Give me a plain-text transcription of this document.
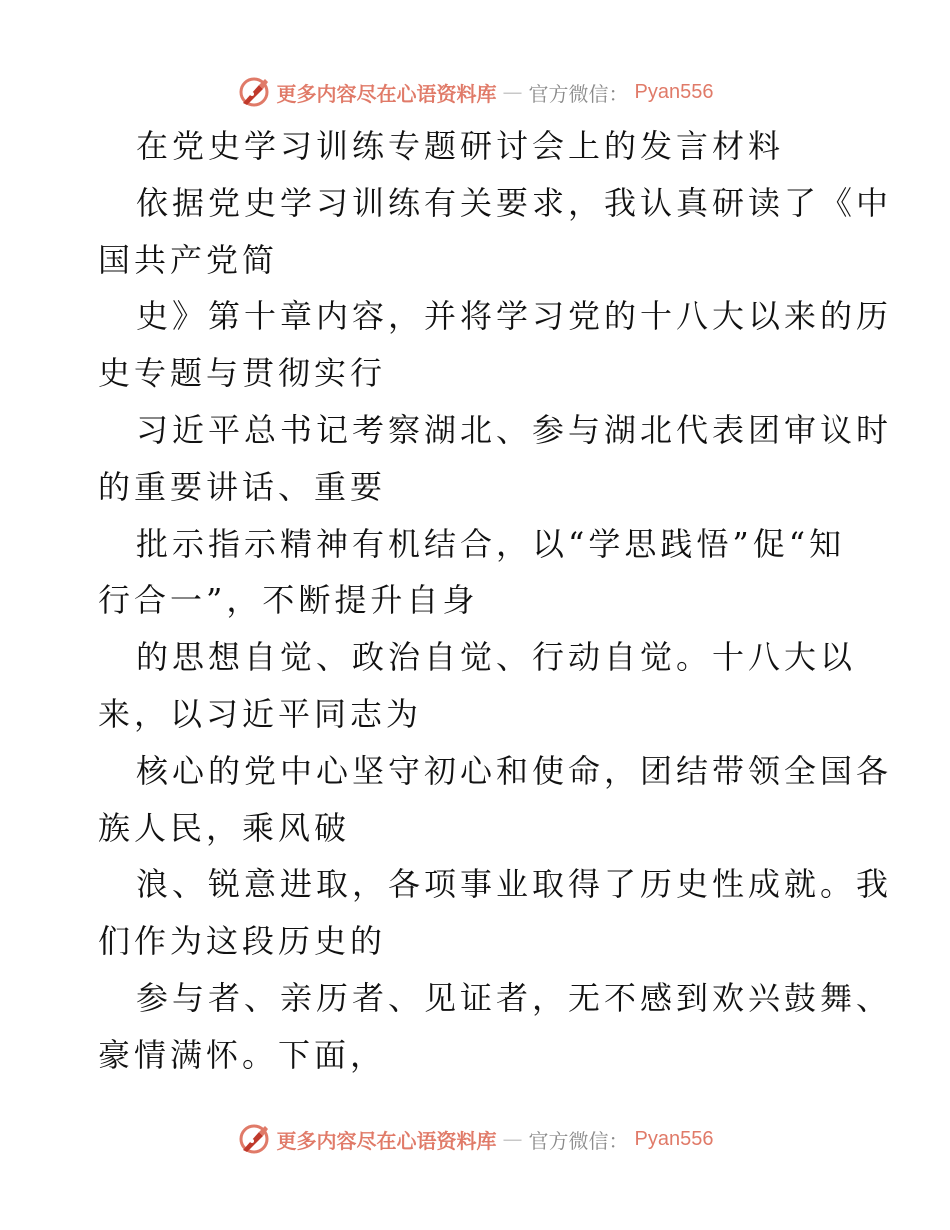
更多内容尽在心语资料库 — 官方微信： Pyan556
在党史学习训练专题研讨会上的发言材料
依据党史学习训练有关要求，我认真研读了《中
国共产党简
史》第十章内容，并将学习党的十八大以来的历
史专题与贯彻实行
习近平总书记考察湖北、参与湖北代表团审议时
的重要讲话、重要
批示指示精神有机结合，以“学思践悟”促“知
行合一”，不断提升自身
的思想自觉、政治自觉、行动自觉。十八大以
来，以习近平同志为
核心的党中心坚守初心和使命，团结带领全国各
族人民，乘风破
浪、锐意进取，各项事业取得了历史性成就。我
们作为这段历史的
参与者、亲历者、见证者，无不感到欢兴鼓舞、
豪情满怀。下面，
更多内容尽在心语资料库 — 官方微信： Pyan556
